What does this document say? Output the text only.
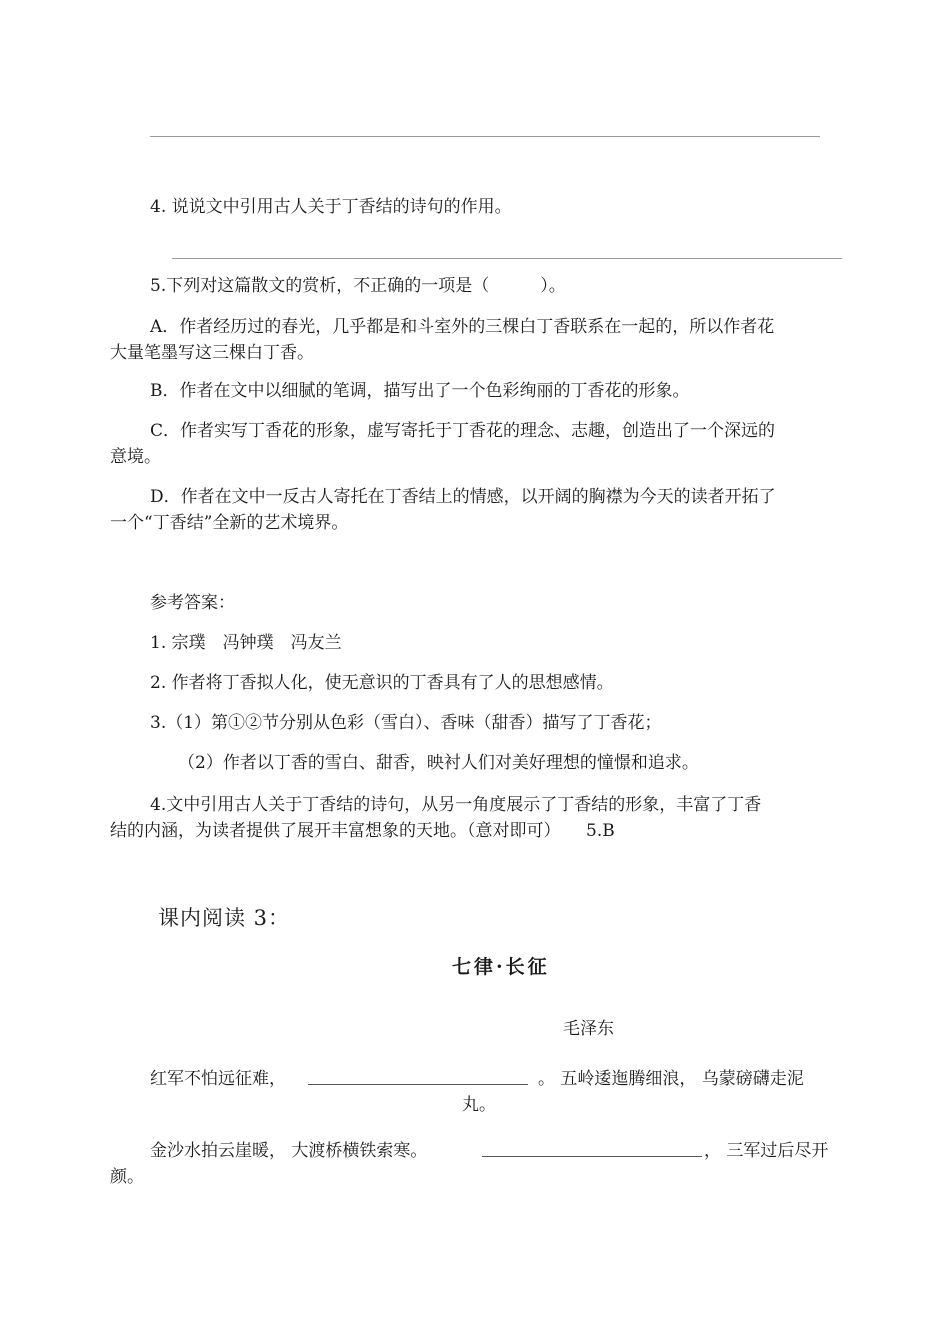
4. 说说文中引用古人关于丁香结的诗句的作用。

5.下列对这篇散文的赏析，不正确的一项是（　　　）。

A．作者经历过的春光，几乎都是和斗室外的三棵白丁香联系在一起的，所以作者花

大量笔墨写这三棵白丁香。

B．作者在文中以细腻的笔调，描写出了一个色彩绚丽的丁香花的形象。

C．作者实写丁香花的形象，虚写寄托于丁香花的理念、志趣，创造出了一个深远的

意境。

D．作者在文中一反古人寄托在丁香结上的情感，以开阔的胸襟为今天的读者开拓了

一个“丁香结”全新的艺术境界。

参考答案：

1. 宗璞　冯钟璞　冯友兰

2. 作者将丁香拟人化，使无意识的丁香具有了人的思想感情。

3.（1）第①②节分别从色彩（雪白）、香味（甜香）描写了丁香花；

（2）作者以丁香的雪白、甜香，映衬人们对美好理想的憧憬和追求。

4.文中引用古人关于丁香结的诗句，从另一角度展示了丁香结的形象，丰富了丁香

结的内涵，为读者提供了展开丰富想象的天地。（意对即可）　　5.B

课内阅读 3：

七律·长征

毛泽东

红军不怕远征难，	。 五岭逶迤腾细浪， 乌蒙磅礴走泥

丸。

金沙水拍云崖暖， 大渡桥横铁索寒。	， 三军过后尽开

颜。
